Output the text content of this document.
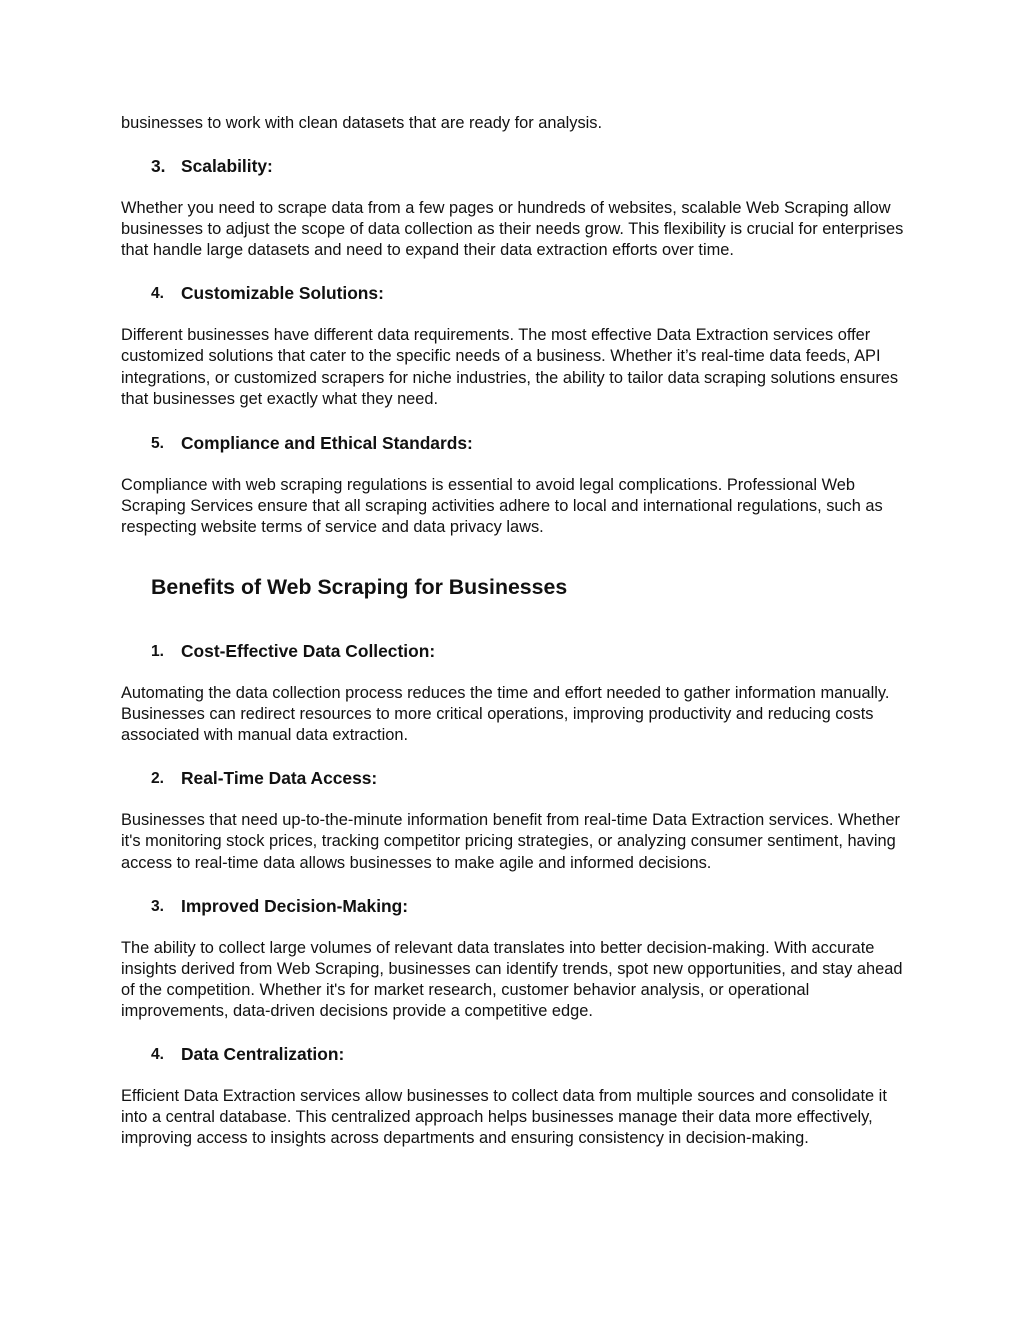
businesses to work with clean datasets that are ready for analysis.

3. Scalability:

Whether you need to scrape data from a few pages or hundreds of websites, scalable Web Scraping allow businesses to adjust the scope of data collection as their needs grow. This flexibility is crucial for enterprises that handle large datasets and need to expand their data extraction efforts over time.

4. Customizable Solutions:

Different businesses have different data requirements. The most effective Data Extraction services offer customized solutions that cater to the specific needs of a business. Whether it’s real-time data feeds, API integrations, or customized scrapers for niche industries, the ability to tailor data scraping solutions ensures that businesses get exactly what they need.

5. Compliance and Ethical Standards:

Compliance with web scraping regulations is essential to avoid legal complications. Professional Web Scraping Services ensure that all scraping activities adhere to local and international regulations, such as respecting website terms of service and data privacy laws.

Benefits of Web Scraping for Businesses
1. Cost-Effective Data Collection:

Automating the data collection process reduces the time and effort needed to gather information manually. Businesses can redirect resources to more critical operations, improving productivity and reducing costs associated with manual data extraction.

2. Real-Time Data Access:

Businesses that need up-to-the-minute information benefit from real-time Data Extraction services. Whether it's monitoring stock prices, tracking competitor pricing strategies, or analyzing consumer sentiment, having access to real-time data allows businesses to make agile and informed decisions.

3. Improved Decision-Making:

The ability to collect large volumes of relevant data translates into better decision-making. With accurate insights derived from Web Scraping, businesses can identify trends, spot new opportunities, and stay ahead of the competition. Whether it's for market research, customer behavior analysis, or operational improvements, data-driven decisions provide a competitive edge.

4. Data Centralization:

Efficient Data Extraction services allow businesses to collect data from multiple sources and consolidate it into a central database. This centralized approach helps businesses manage their data more effectively, improving access to insights across departments and ensuring consistency in decision-making.
